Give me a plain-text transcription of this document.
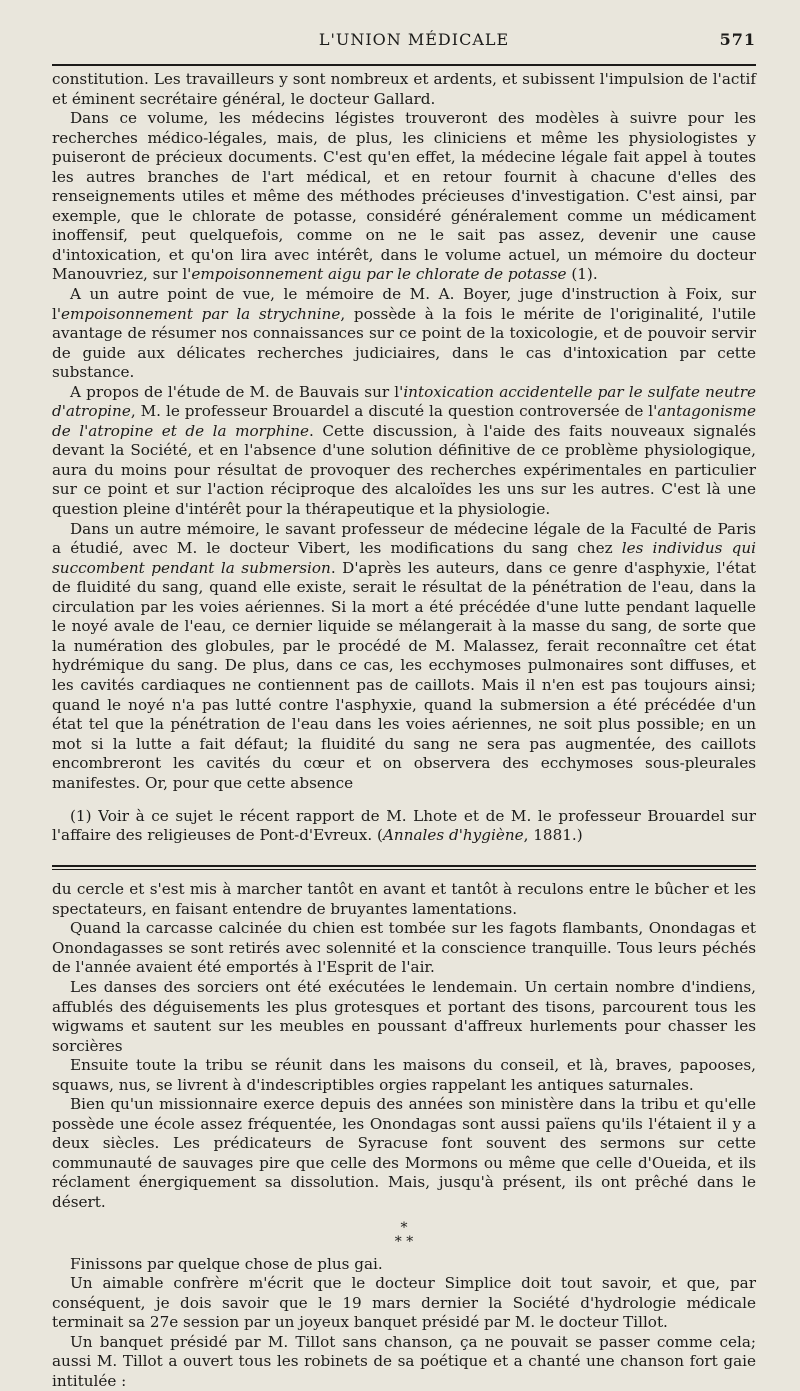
L'UNION MÉDICALE	571

constitution. Les travailleurs y sont nombreux et ardents, et subissent l'impulsion de l'actif et éminent secrétaire général, le docteur Gallard.

Dans ce volume, les médecins légistes trouveront des modèles à suivre pour les recherches médico-légales, mais, de plus, les cliniciens et même les physiologistes y puiseront de précieux documents. C'est qu'en effet, la médecine légale fait appel à toutes les autres branches de l'art médical, et en retour fournit à chacune d'elles des renseignements utiles et même des méthodes précieuses d'investigation. C'est ainsi, par exemple, que le chlorate de potasse, considéré généralement comme un médicament inoffensif, peut quelquefois, comme on ne le sait pas assez, devenir une cause d'intoxication, et qu'on lira avec intérêt, dans le volume actuel, un mémoire du docteur Manouvriez, sur l'empoisonnement aigu par le chlorate de potasse (1).

A un autre point de vue, le mémoire de M. A. Boyer, juge d'instruction à Foix, sur l'empoisonnement par la strychnine, possède à la fois le mérite de l'originalité, l'utile avantage de résumer nos connaissances sur ce point de la toxicologie, et de pouvoir servir de guide aux délicates recherches judiciaires, dans le cas d'intoxication par cette substance.

A propos de l'étude de M. de Bauvais sur l'intoxication accidentelle par le sulfate neutre d'atropine, M. le professeur Brouardel a discuté la question controversée de l'antagonisme de l'atropine et de la morphine. Cette discussion, à l'aide des faits nouveaux signalés devant la Société, et en l'absence d'une solution définitive de ce problème physiologique, aura du moins pour résultat de provoquer des recherches expérimentales en particulier sur ce point et sur l'action réciproque des alcaloïdes les uns sur les autres. C'est là une question pleine d'intérêt pour la thérapeutique et la physiologie.

Dans un autre mémoire, le savant professeur de médecine légale de la Faculté de Paris a étudié, avec M. le docteur Vibert, les modifications du sang chez les individus qui succombent pendant la submersion. D'après les auteurs, dans ce genre d'asphyxie, l'état de fluidité du sang, quand elle existe, serait le résultat de la pénétration de l'eau, dans la circulation par les voies aériennes. Si la mort a été précédée d'une lutte pendant laquelle le noyé avale de l'eau, ce dernier liquide se mélangerait à la masse du sang, de sorte que la numération des globules, par le procédé de M. Malassez, ferait reconnaître cet état hydrémique du sang. De plus, dans ce cas, les ecchymoses pulmonaires sont diffuses, et les cavités cardiaques ne contiennent pas de caillots. Mais il n'en est pas toujours ainsi; quand le noyé n'a pas lutté contre l'asphyxie, quand la submersion a été précédée d'un état tel que la pénétration de l'eau dans les voies aériennes, ne soit plus possible; en un mot si la lutte a fait défaut; la fluidité du sang ne sera pas augmentée, des caillots encombreront les cavités du cœur et on observera des ecchymoses sous-pleurales manifestes. Or, pour que cette absence

(1) Voir à ce sujet le récent rapport de M. Lhote et de M. le professeur Brouardel sur l'affaire des religieuses de Pont-d'Evreux. (Annales d'hygiène, 1881.)

du cercle et s'est mis à marcher tantôt en avant et tantôt à reculons entre le bûcher et les spectateurs, en faisant entendre de bruyantes lamentations.

Quand la carcasse calcinée du chien est tombée sur les fagots flambants, Onondagas et Onondagasses se sont retirés avec solennité et la conscience tranquille. Tous leurs péchés de l'année avaient été emportés à l'Esprit de l'air.

Les danses des sorciers ont été exécutées le lendemain. Un certain nombre d'indiens, affublés des déguisements les plus grotesques et portant des tisons, parcourent tous les wigwams et sautent sur les meubles en poussant d'affreux hurlements pour chasser les sorcières

Ensuite toute la tribu se réunit dans les maisons du conseil, et là, braves, papooses, squaws, nus, se livrent à d'indescriptibles orgies rappelant les antiques saturnales.

Bien qu'un missionnaire exerce depuis des années son ministère dans la tribu et qu'elle possède une école assez fréquentée, les Onondagas sont aussi païens qu'ils l'étaient il y a deux siècles. Les prédicateurs de Syracuse font souvent des sermons sur cette communauté de sauvages pire que celle des Mormons ou même que celle d'Oueida, et ils réclament énergiquement sa dissolution. Mais, jusqu'à présent, ils ont prêché dans le désert.

*
* *

Finissons par quelque chose de plus gai.

Un aimable confrère m'écrit que le docteur Simplice doit tout savoir, et que, par conséquent, je dois savoir que le 19 mars dernier la Société d'hydrologie médicale terminait sa 27e session par un joyeux banquet présidé par M. le docteur Tillot.

Un banquet présidé par M. Tillot sans chanson, ça ne pouvait se passer comme cela; aussi M. Tillot a ouvert tous les robinets de sa poétique et a chanté une chanson fort gaie intitulée :
